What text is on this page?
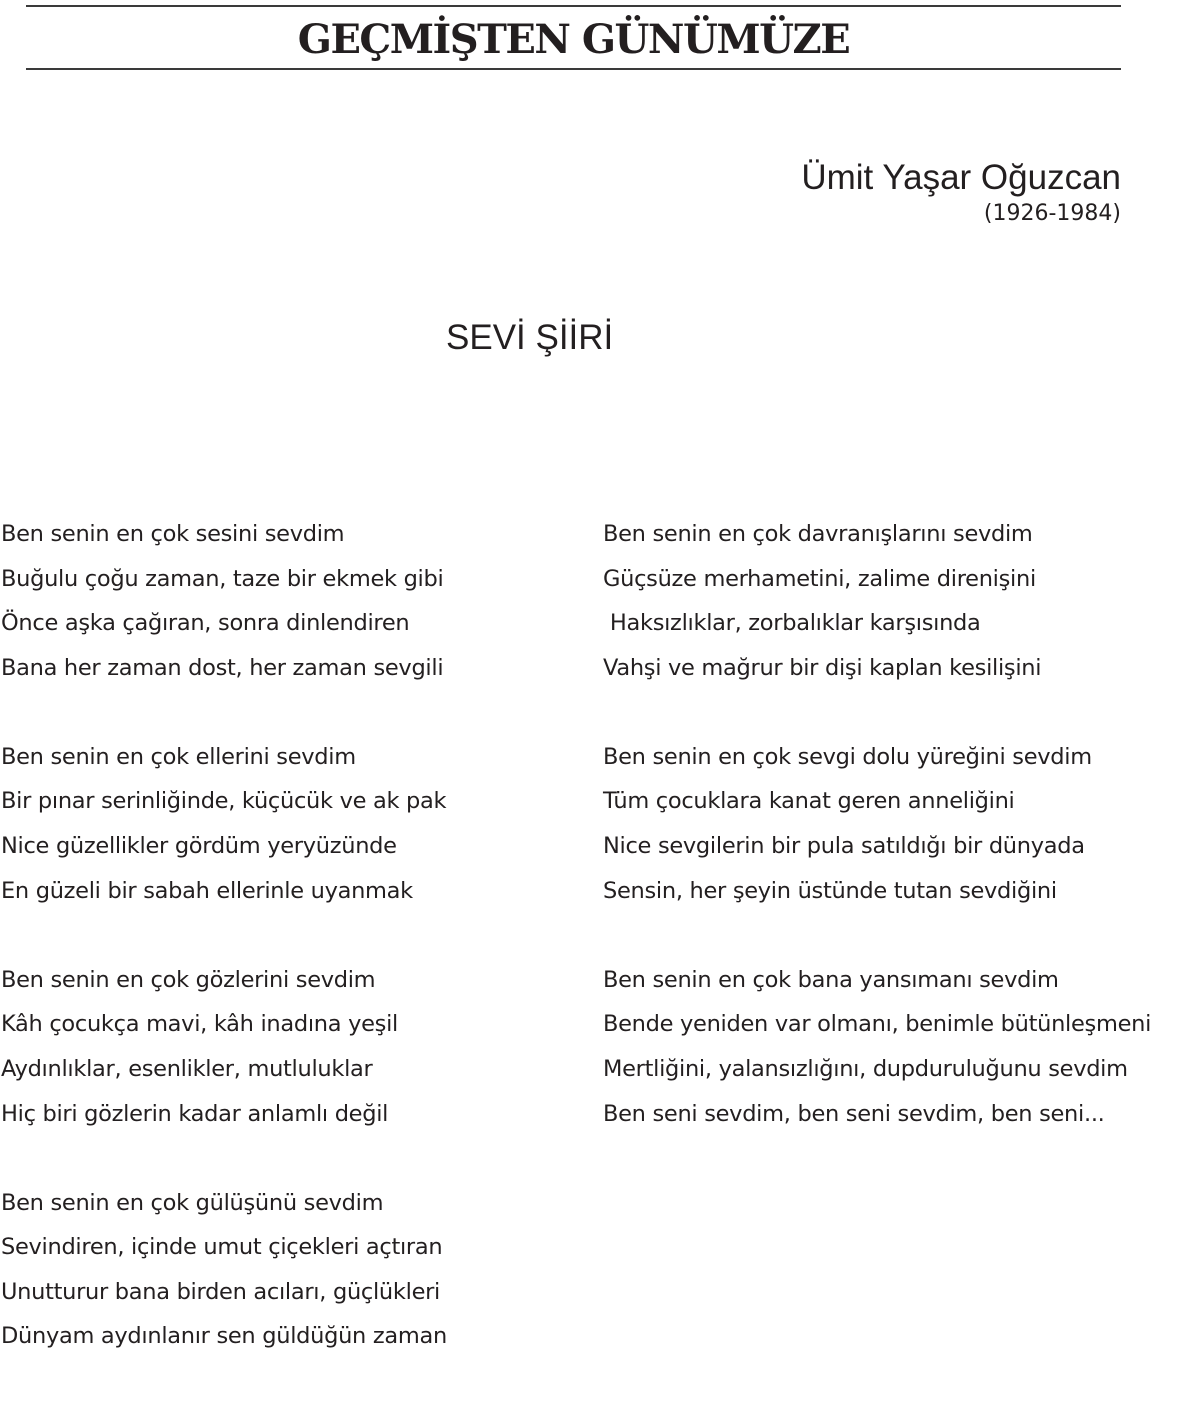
GEÇMİŞTEN GÜNÜMÜZE
Ümit Yaşar Oğuzcan
(1926-1984)
SEVİ ŞİİRİ
Ben senin en çok sesini sevdim
Buğulu çoğu zaman, taze bir ekmek gibi
Önce aşka çağıran, sonra dinlendiren
Bana her zaman dost, her zaman sevgili
Ben senin en çok ellerini sevdim
Bir pınar serinliğinde, küçücük ve ak pak
Nice güzellikler gördüm yeryüzünde
En güzeli bir sabah ellerinle uyanmak
Ben senin en çok gözlerini sevdim
Kâh çocukça mavi, kâh inadına yeşil
Aydınlıklar, esenlikler, mutluluklar
Hiç biri gözlerin kadar anlamlı değil
Ben senin en çok gülüşünü sevdim
Sevindiren, içinde umut çiçekleri açtıran
Unutturur bana birden acıları, güçlükleri
Dünyam aydınlanır sen güldüğün zaman
Ben senin en çok davranışlarını sevdim
Güçsüze merhametini, zalime direnişini
Haksızlıklar, zorbalıklar karşısında
Vahşi ve mağrur bir dişi kaplan kesilişini
Ben senin en çok sevgi dolu yüreğini sevdim
Tüm çocuklara kanat geren anneliğini
Nice sevgilerin bir pula satıldığı bir dünyada
Sensin, her şeyin üstünde tutan sevdiğini
Ben senin en çok bana yansımanı sevdim
Bende yeniden var olmanı, benimle bütünleşmeni
Mertliğini, yalansızlığını, dupduruluğunu sevdim
Ben seni sevdim, ben seni sevdim, ben seni...
